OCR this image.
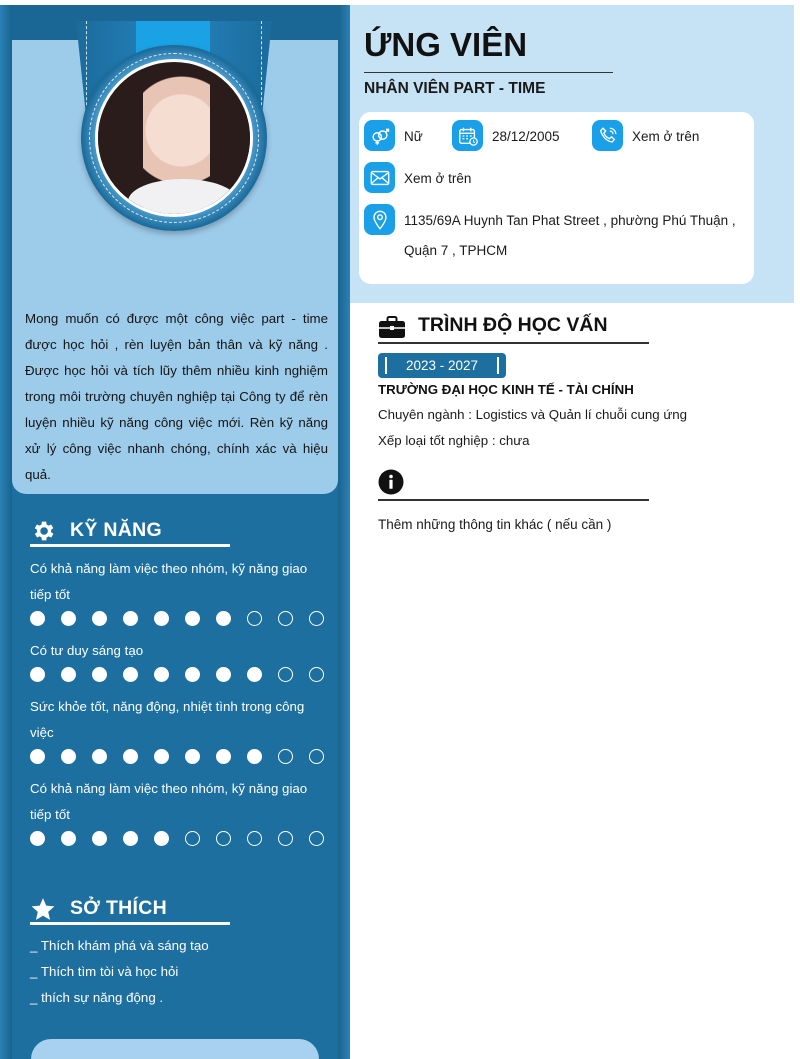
Mong muốn có được một công việc part - time được học hỏi , rèn luyện bản thân và kỹ năng . Được học hỏi và tích lũy thêm nhiều kinh nghiệm trong môi trường chuyên nghiệp tại Công ty để rèn luyện nhiều kỹ năng công việc mới. Rèn kỹ năng xử lý công việc nhanh chóng, chính xác và hiệu quả.

KỸ NĂNG
Có khả năng làm việc theo nhóm, kỹ năng giao tiếp tốt
Có tư duy sáng tạo
Sức khỏe tốt, năng động, nhiệt tình trong công việc
Có khả năng làm việc theo nhóm, kỹ năng giao tiếp tốt
SỞ THÍCH
_ Thích khám phá và sáng tạo
_ Thích tìm tòi và học hỏi
_ thích sự năng động .
ỨNG VIÊN
NHÂN VIÊN PART - TIME
Nữ	28/12/2005	Xem ở trên
Xem ở trên
1135/69A Huynh Tan Phat Street , phường Phú Thuận ,
Quận 7 , TPHCM
TRÌNH ĐỘ HỌC VẤN
2023 - 2027
TRƯỜNG ĐẠI HỌC KINH TẾ - TÀI CHÍNH
Chuyên ngành : Logistics và Quản lí chuỗi cung ứng
Xếp loại tốt nghiệp : chưa
Thêm những thông tin khác ( nếu cần )
